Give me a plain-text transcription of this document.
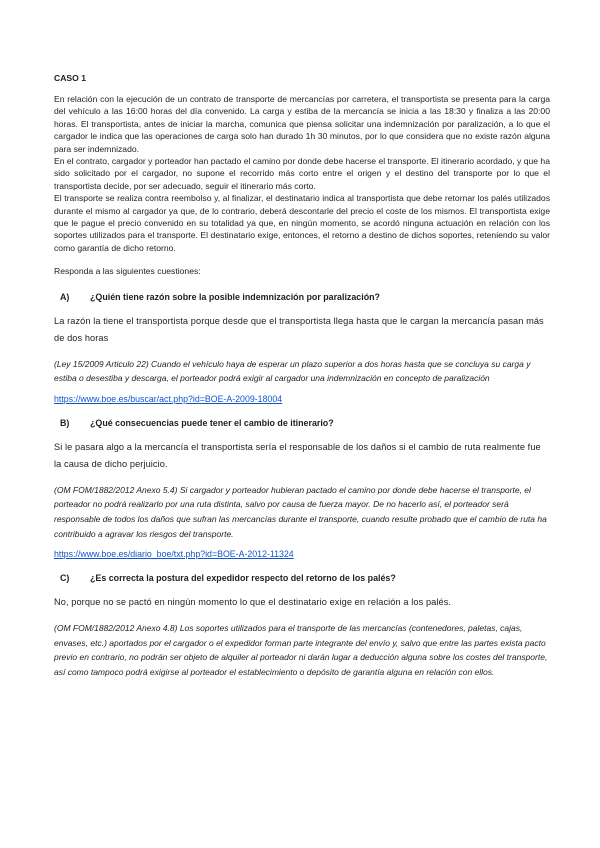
CASO 1

En relación con la ejecución de un contrato de transporte de mercancías por carretera, el transportista se presenta para la carga del vehículo a las 16:00 horas del día convenido. La carga y estiba de la mercancía se inicia a las 18:30 y finaliza a las 20:00 horas. El transportista, antes de iniciar la marcha, comunica que piensa solicitar una indemnización por paralización, a lo que el cargador le indica que las operaciones de carga solo han durado 1h 30 minutos, por lo que considera que no existe razón alguna para ser indemnizado.

En el contrato, cargador y porteador han pactado el camino por donde debe hacerse el transporte. El itinerario acordado, y que ha sido solicitado por el cargador, no supone el recorrido más corto entre el origen y el destino del transporte por lo que el transportista decide, por ser adecuado, seguir el itinerario más corto.

El transporte se realiza contra reembolso y, al finalizar, el destinatario indica al transportista que debe retornar los palés utilizados durante el mismo al cargador ya que, de lo contrario, deberá descontarle del precio el coste de los mismos. El transportista exige que le pague el precio convenido en su totalidad ya que, en ningún momento, se acordó ninguna actuación en relación con los soportes utilizados para el transporte. El destinatario exige, entonces, el retorno a destino de dichos soportes, reteniendo su valor como garantía de dicho retorno.

Responda a las siguientes cuestiones:

A) ¿Quién tiene razón sobre la posible indemnización por paralización?

La razón la tiene el transportista porque desde que el transportista llega hasta que le cargan la mercancía pasan más de dos horas

(Ley 15/2009 Articulo 22) Cuando el vehículo haya de esperar un plazo superior a dos horas hasta que se concluya su carga y estiba o desestiba y descarga, el porteador podrá exigir al cargador una indemnización en concepto de paralización

https://www.boe.es/buscar/act.php?id=BOE-A-2009-18004
B) ¿Qué consecuencias puede tener el cambio de itinerario?

Si le pasara algo a la mercancía el transportista sería el responsable de los daños si el cambio de ruta realmente fue la causa de dicho perjuicio.

(OM FOM/1882/2012 Anexo 5.4) Si cargador y porteador hubieran pactado el camino por donde debe hacerse el transporte, el porteador no podrá realizarlo por una ruta distinta, salvo por causa de fuerza mayor. De no hacerlo así, el porteador será responsable de todos los daños que sufran las mercancías durante el transporte, cuando resulte probado que el cambio de ruta ha contribuido a agravar los riesgos del transporte.

https://www.boe.es/diario_boe/txt.php?id=BOE-A-2012-11324
C) ¿Es correcta la postura del expedidor respecto del retorno de los palés?

No, porque no se pactó en ningún momento lo que el destinatario exige en relación a los palés.

(OM FOM/1882/2012 Anexo 4.8) Los soportes utilizados para el transporte de las mercancías (contenedores, paletas, cajas, envases, etc.) aportados por el cargador o el expedidor forman parte integrante del envío y, salvo que entre las partes exista pacto previo en contrario, no podrán ser objeto de alquiler al porteador ni darán lugar a deducción alguna sobre los costes del transporte, así como tampoco podrá exigirse al porteador el establecimiento o depósito de garantía alguna en relación con ellos.
